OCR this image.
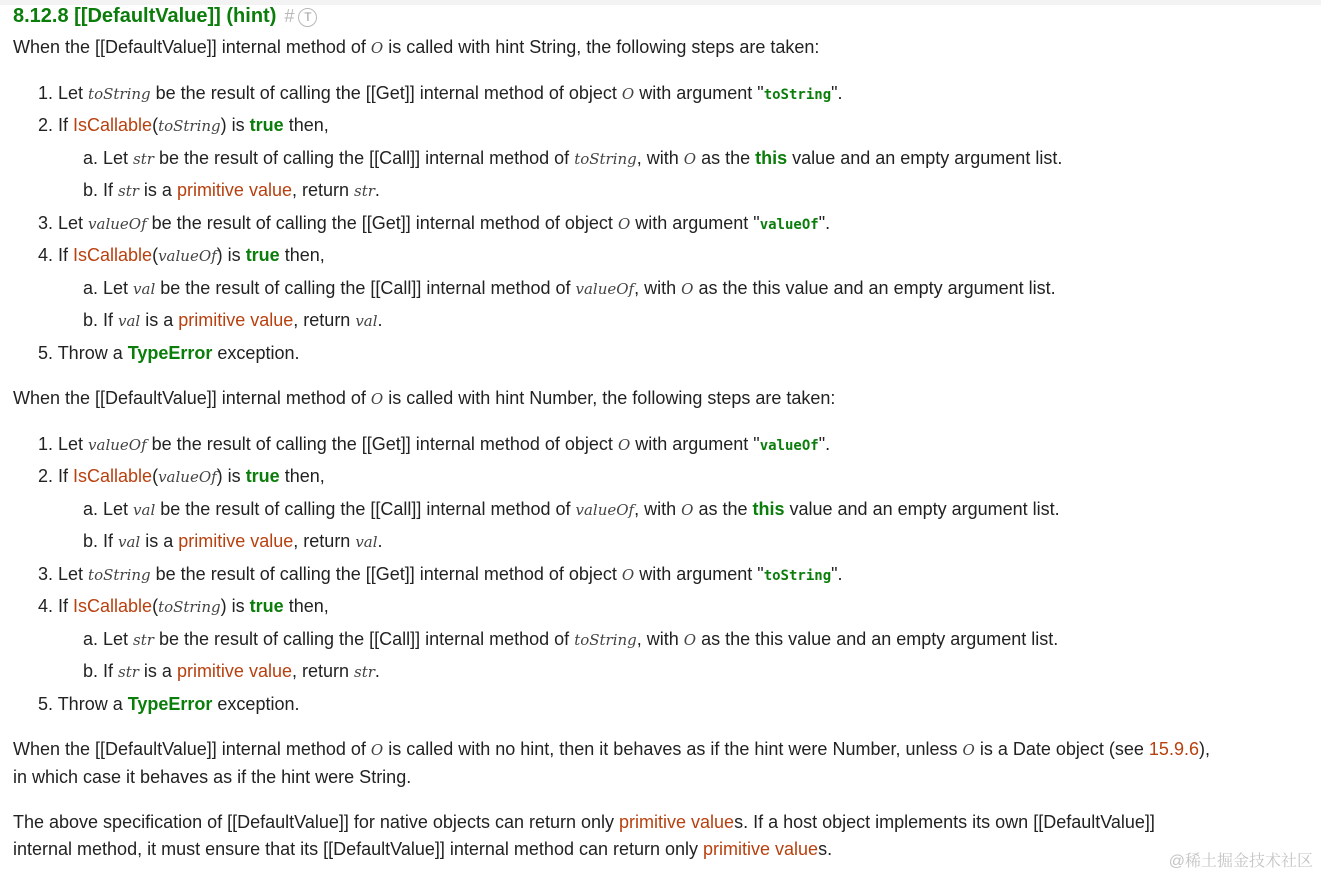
8.12.8 [[DefaultValue]] (hint) # T
When the [[DefaultValue]] internal method of O is called with hint String, the following steps are taken:
1. Let toString be the result of calling the [[Get]] internal method of object O with argument "toString".
2. If IsCallable(toString) is true then,
a. Let str be the result of calling the [[Call]] internal method of toString, with O as the this value and an empty argument list.
b. If str is a primitive value, return str.
3. Let valueOf be the result of calling the [[Get]] internal method of object O with argument "valueOf".
4. If IsCallable(valueOf) is true then,
a. Let val be the result of calling the [[Call]] internal method of valueOf, with O as the this value and an empty argument list.
b. If val is a primitive value, return val.
5. Throw a TypeError exception.
When the [[DefaultValue]] internal method of O is called with hint Number, the following steps are taken:
1. Let valueOf be the result of calling the [[Get]] internal method of object O with argument "valueOf".
2. If IsCallable(valueOf) is true then,
a. Let val be the result of calling the [[Call]] internal method of valueOf, with O as the this value and an empty argument list.
b. If val is a primitive value, return val.
3. Let toString be the result of calling the [[Get]] internal method of object O with argument "toString".
4. If IsCallable(toString) is true then,
a. Let str be the result of calling the [[Call]] internal method of toString, with O as the this value and an empty argument list.
b. If str is a primitive value, return str.
5. Throw a TypeError exception.
When the [[DefaultValue]] internal method of O is called with no hint, then it behaves as if the hint were Number, unless O is a Date object (see 15.9.6),
in which case it behaves as if the hint were String.
The above specification of [[DefaultValue]] for native objects can return only primitive values. If a host object implements its own [[DefaultValue]]
internal method, it must ensure that its [[DefaultValue]] internal method can return only primitive values.
@稀土掘金技术社区
